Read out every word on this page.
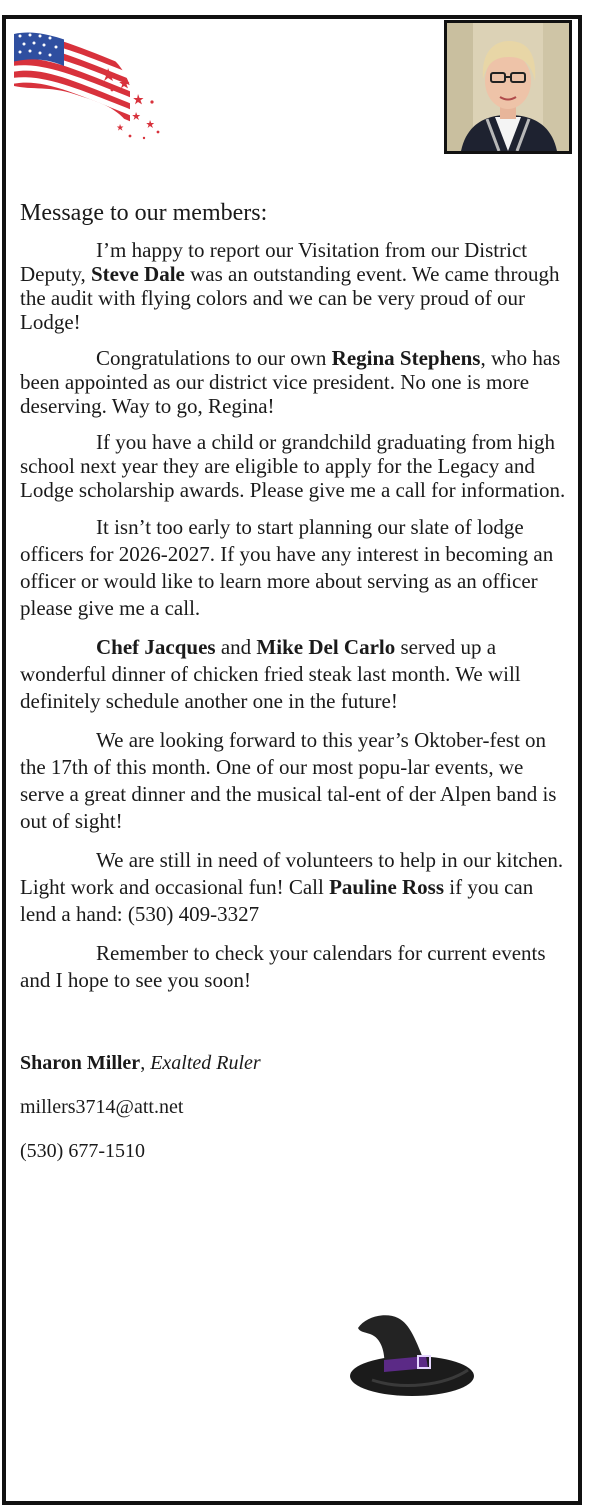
Message to our members:

I’m happy to report our Visitation from our District Deputy, Steve Dale was an outstanding event. We came through the audit with flying colors and we can be very proud of our Lodge!

Congratulations to our own Regina Stephens, who has been appointed as our district vice president. No one is more deserving. Way to go, Regina!

If you have a child or grandchild graduating from high school next year they are eligible to apply for the Legacy and Lodge scholarship awards. Please give me a call for information.

It isn’t too early to start planning our slate of lodge officers for 2026-2027. If you have any interest in becoming an officer or would like to learn more about serving as an officer please give me a call.

Chef Jacques and Mike Del Carlo served up a wonderful dinner of chicken fried steak last month. We will definitely schedule another one in the future!

We are looking forward to this year’s Oktober-fest on the 17th of this month. One of our most popu-lar events, we serve a great dinner and the musical tal-ent of der Alpen band is out of sight!

We are still in need of volunteers to help in our kitchen. Light work and occasional fun! Call Pauline Ross if you can lend a hand: (530) 409-3327

Remember to check your calendars for current events and I hope to see you soon!

Sharon Miller, Exalted Ruler
millers3714@att.net
(530) 677-1510
